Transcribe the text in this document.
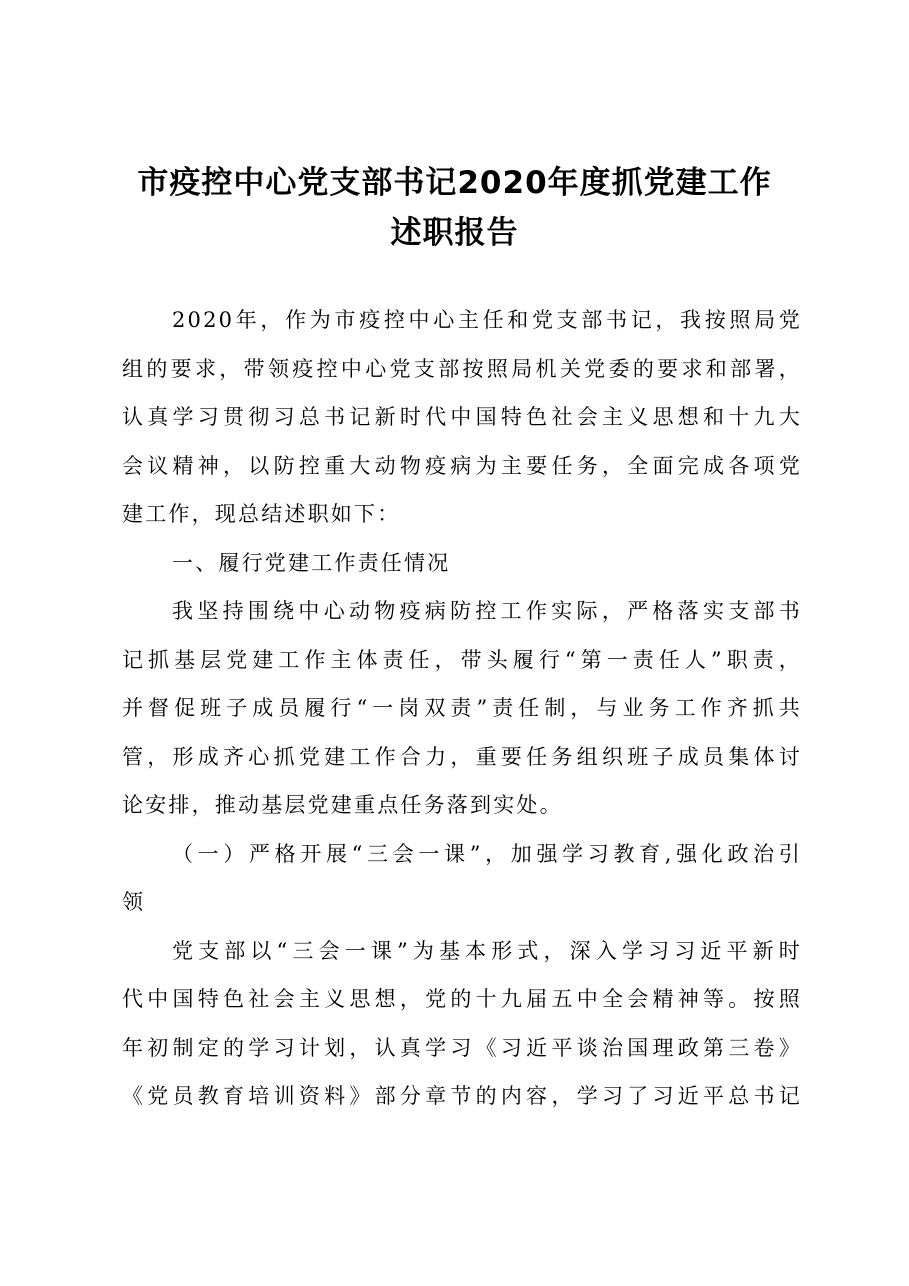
市疫控中心党支部书记2020年度抓党建工作
述职报告
2020年，作为市疫控中心主任和党支部书记，我按照局党
组的要求，带领疫控中心党支部按照局机关党委的要求和部署，
认真学习贯彻习总书记新时代中国特色社会主义思想和十九大
会议精神，以防控重大动物疫病为主要任务，全面完成各项党
建工作，现总结述职如下：
一、履行党建工作责任情况
我坚持围绕中心动物疫病防控工作实际，严格落实支部书
记抓基层党建工作主体责任，带头履行“第一责任人”职责，
并督促班子成员履行“一岗双责”责任制，与业务工作齐抓共
管，形成齐心抓党建工作合力，重要任务组织班子成员集体讨
论安排，推动基层党建重点任务落到实处。
（一）严格开展“三会一课”，加强学习教育,强化政治引
领
党支部以“三会一课”为基本形式，深入学习习近平新时
代中国特色社会主义思想，党的十九届五中全会精神等。按照
年初制定的学习计划，认真学习《习近平谈治国理政第三卷》
《党员教育培训资料》部分章节的内容，学习了习近平总书记
